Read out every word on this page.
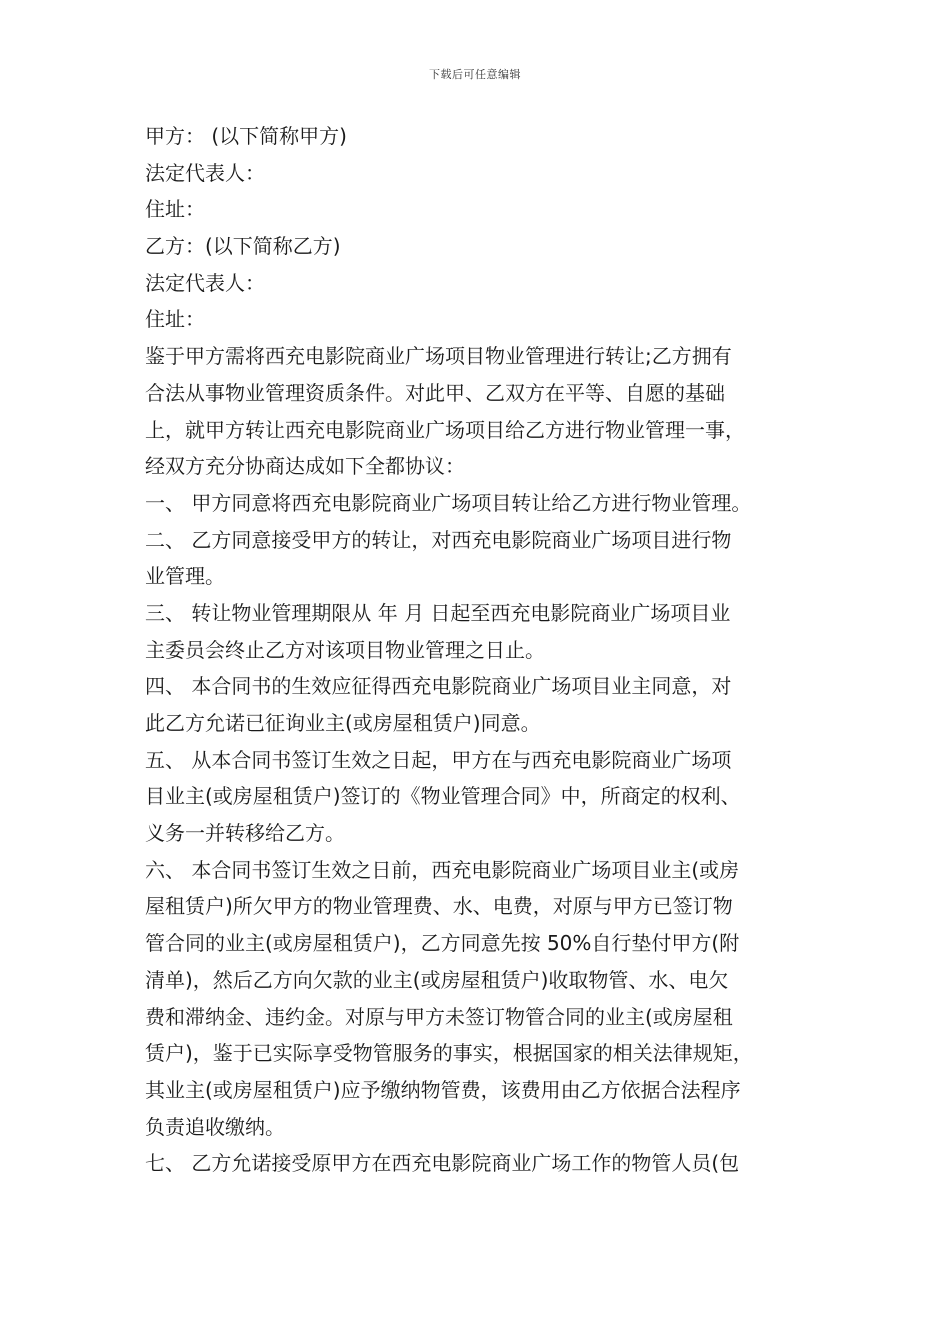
下载后可任意编辑
甲方： (以下简称甲方)
法定代表人：
住址：
乙方：(以下简称乙方)
法定代表人：
住址：
鉴于甲方需将西充电影院商业广场项目物业管理进行转让;乙方拥有
合法从事物业管理资质条件。对此甲、乙双方在平等、自愿的基础
上，就甲方转让西充电影院商业广场项目给乙方进行物业管理一事，
经双方充分协商达成如下全都协议：
一、 甲方同意将西充电影院商业广场项目转让给乙方进行物业管理。
二、 乙方同意接受甲方的转让，对西充电影院商业广场项目进行物
业管理。
三、 转让物业管理期限从 年 月 日起至西充电影院商业广场项目业
主委员会终止乙方对该项目物业管理之日止。
四、 本合同书的生效应征得西充电影院商业广场项目业主同意，对
此乙方允诺已征询业主(或房屋租赁户)同意。
五、 从本合同书签订生效之日起，甲方在与西充电影院商业广场项
目业主(或房屋租赁户)签订的《物业管理合同》中，所商定的权利、
义务一并转移给乙方。
六、 本合同书签订生效之日前，西充电影院商业广场项目业主(或房
屋租赁户)所欠甲方的物业管理费、水、电费，对原与甲方已签订物
管合同的业主(或房屋租赁户)，乙方同意先按 50%自行垫付甲方(附
清单)，然后乙方向欠款的业主(或房屋租赁户)收取物管、水、电欠
费和滞纳金、违约金。对原与甲方未签订物管合同的业主(或房屋租
赁户)，鉴于已实际享受物管服务的事实，根据国家的相关法律规矩，
其业主(或房屋租赁户)应予缴纳物管费，该费用由乙方依据合法程序
负责追收缴纳。
七、 乙方允诺接受原甲方在西充电影院商业广场工作的物管人员(包
